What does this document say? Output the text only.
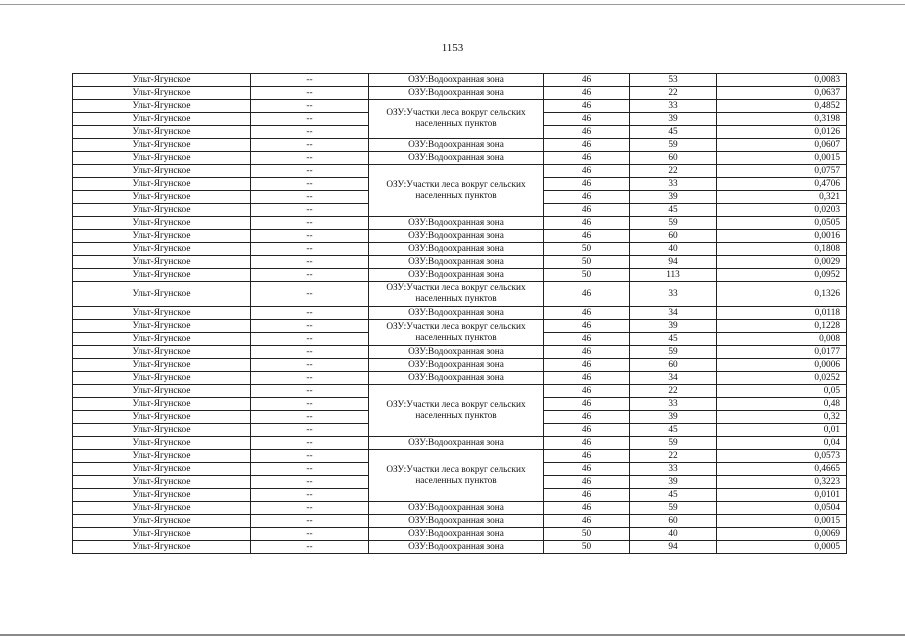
1153
Ульт-Ягунское	--	ОЗУ:Водоохранная зона	46	53	0,0083
Ульт-Ягунское	--	ОЗУ:Водоохранная зона	46	22	0,0637
Ульт-Ягунское	--	ОЗУ:Участки леса вокруг сельских населенных пунктов	46	33	0,4852
Ульт-Ягунское	--		46	39	0,3198
Ульт-Ягунское	--		46	45	0,0126
Ульт-Ягунское	--	ОЗУ:Водоохранная зона	46	59	0,0607
Ульт-Ягунское	--	ОЗУ:Водоохранная зона	46	60	0,0015
Ульт-Ягунское	--	ОЗУ:Участки леса вокруг сельских населенных пунктов	46	22	0,0757
Ульт-Ягунское	--		46	33	0,4706
Ульт-Ягунское	--		46	39	0,321
Ульт-Ягунское	--		46	45	0,0203
Ульт-Ягунское	--	ОЗУ:Водоохранная зона	46	59	0,0505
Ульт-Ягунское	--	ОЗУ:Водоохранная зона	46	60	0,0016
Ульт-Ягунское	--	ОЗУ:Водоохранная зона	50	40	0,1808
Ульт-Ягунское	--	ОЗУ:Водоохранная зона	50	94	0,0029
Ульт-Ягунское	--	ОЗУ:Водоохранная зона	50	113	0,0952
Ульт-Ягунское	--	ОЗУ:Участки леса вокруг сельских населенных пунктов	46	33	0,1326
Ульт-Ягунское	--	ОЗУ:Водоохранная зона	46	34	0,0118
Ульт-Ягунское	--	ОЗУ:Участки леса вокруг сельских населенных пунктов	46	39	0,1228
Ульт-Ягунское	--		46	45	0,008
Ульт-Ягунское	--	ОЗУ:Водоохранная зона	46	59	0,0177
Ульт-Ягунское	--	ОЗУ:Водоохранная зона	46	60	0,0006
Ульт-Ягунское	--	ОЗУ:Водоохранная зона	46	34	0,0252
Ульт-Ягунское	--	ОЗУ:Участки леса вокруг сельских населенных пунктов	46	22	0,05
Ульт-Ягунское	--		46	33	0,48
Ульт-Ягунское	--		46	39	0,32
Ульт-Ягунское	--		46	45	0,01
Ульт-Ягунское	--	ОЗУ:Водоохранная зона	46	59	0,04
Ульт-Ягунское	--	ОЗУ:Участки леса вокруг сельских населенных пунктов	46	22	0,0573
Ульт-Ягунское	--		46	33	0,4665
Ульт-Ягунское	--		46	39	0,3223
Ульт-Ягунское	--		46	45	0,0101
Ульт-Ягунское	--	ОЗУ:Водоохранная зона	46	59	0,0504
Ульт-Ягунское	--	ОЗУ:Водоохранная зона	46	60	0,0015
Ульт-Ягунское	--	ОЗУ:Водоохранная зона	50	40	0,0069
Ульт-Ягунское	--	ОЗУ:Водоохранная зона	50	94	0,0005
